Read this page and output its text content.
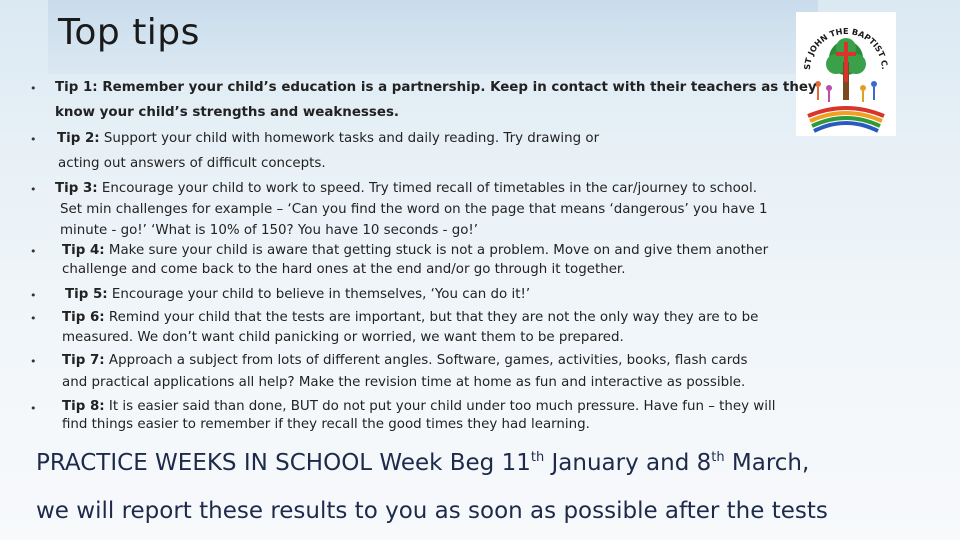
Top tips
ST JOHN THE BAPTIST C.
• Tip 1: Remember your child’s education is a partnership. Keep in contact with their teachers as they
know your child’s strengths and weaknesses.
• Tip 2: Support your child with homework tasks and daily reading. Try drawing or
acting out answers of difficult concepts.
• Tip 3: Encourage your child to work to speed. Try timed recall of timetables in the car/journey to school.
Set min challenges for example – ‘Can you find the word on the page that means ‘dangerous’ you have 1
minute - go!’ ‘What is 10% of 150? You have 10 seconds - go!’
• Tip 4: Make sure your child is aware that getting stuck is not a problem. Move on and give them another
challenge and come back to the hard ones at the end and/or go through it together.
• Tip 5: Encourage your child to believe in themselves, ‘You can do it!’
• Tip 6: Remind your child that the tests are important, but that they are not the only way they are to be
measured. We don’t want child panicking or worried, we want them to be prepared.
• Tip 7: Approach a subject from lots of different angles. Software, games, activities, books, flash cards
and practical applications all help? Make the revision time at home as fun and interactive as possible.
• Tip 8: It is easier said than done, BUT do not put your child under too much pressure. Have fun – they will
find things easier to remember if they recall the good times they had learning.

PRACTICE WEEKS IN SCHOOL Week Beg 11th January and 8th March,

we will report these results to you as soon as possible after the tests
